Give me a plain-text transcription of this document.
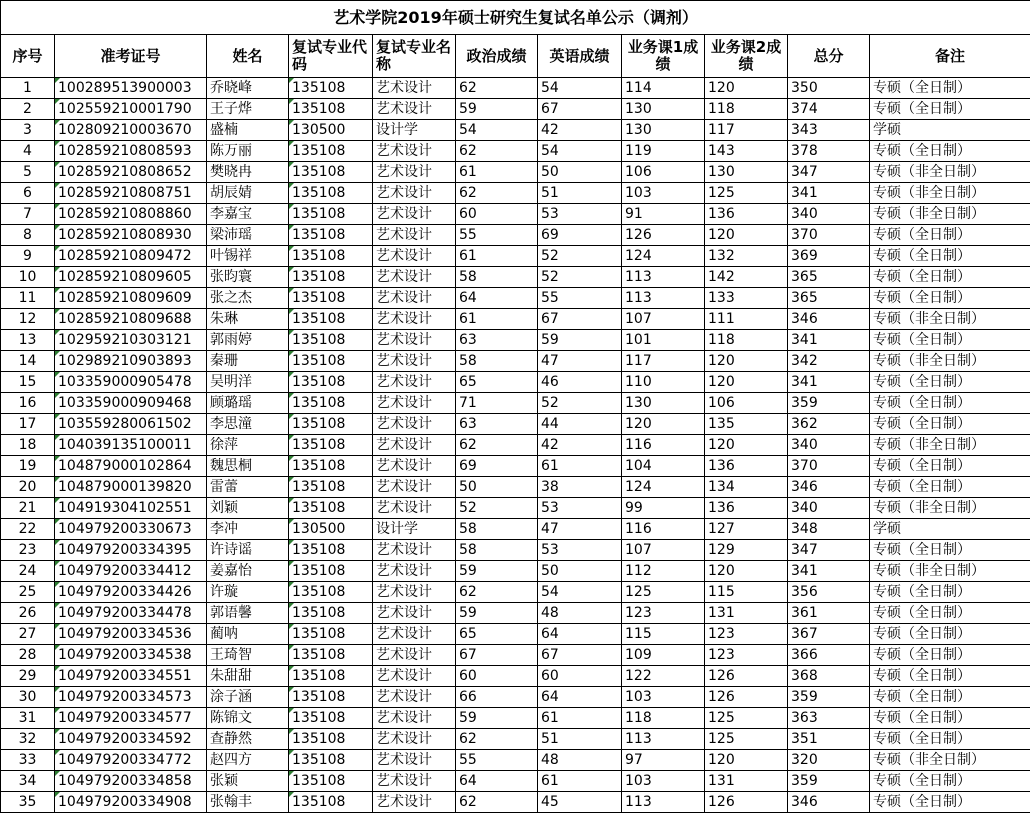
艺术学院2019年硕士研究生复试名单公示（调剂）										
序号	准考证号	姓名	复试专业代码	复试专业名称	政治成绩	英语成绩	业务课1成绩	业务课2成绩	总分	备注
1	100289513900003	乔晓峰	135108	艺术设计	62	54	114	120	350	专硕（全日制）
2	102559210001790	王子烨	135108	艺术设计	59	67	130	118	374	专硕（全日制）
3	102809210003670	盛楠	130500	设计学	54	42	130	117	343	学硕
4	102859210808593	陈万丽	135108	艺术设计	62	54	119	143	378	专硕（全日制）
5	102859210808652	樊晓冉	135108	艺术设计	61	50	106	130	347	专硕（非全日制）
6	102859210808751	胡辰婧	135108	艺术设计	62	51	103	125	341	专硕（非全日制）
7	102859210808860	李嘉宝	135108	艺术设计	60	53	91	136	340	专硕（非全日制）
8	102859210808930	梁沛瑶	135108	艺术设计	55	69	126	120	370	专硕（全日制）
9	102859210809472	叶锡祥	135108	艺术设计	61	52	124	132	369	专硕（全日制）
10	102859210809605	张昀寰	135108	艺术设计	58	52	113	142	365	专硕（全日制）
11	102859210809609	张之杰	135108	艺术设计	64	55	113	133	365	专硕（全日制）
12	102859210809688	朱琳	135108	艺术设计	61	67	107	111	346	专硕（非全日制）
13	102959210303121	郭雨婷	135108	艺术设计	63	59	101	118	341	专硕（全日制）
14	102989210903893	秦珊	135108	艺术设计	58	47	117	120	342	专硕（非全日制）
15	103359000905478	吴明洋	135108	艺术设计	65	46	110	120	341	专硕（全日制）
16	103359000909468	顾璐瑶	135108	艺术设计	71	52	130	106	359	专硕（全日制）
17	103559280061502	李思潼	135108	艺术设计	63	44	120	135	362	专硕（全日制）
18	104039135100011	徐萍	135108	艺术设计	62	42	116	120	340	专硕（非全日制）
19	104879000102864	魏思桐	135108	艺术设计	69	61	104	136	370	专硕（全日制）
20	104879000139820	雷蕾	135108	艺术设计	50	38	124	134	346	专硕（全日制）
21	104919304102551	刘颖	135108	艺术设计	52	53	99	136	340	专硕（非全日制）
22	104979200330673	李冲	130500	设计学	58	47	116	127	348	学硕
23	104979200334395	许诗谣	135108	艺术设计	58	53	107	129	347	专硕（全日制）
24	104979200334412	姜嘉怡	135108	艺术设计	59	50	112	120	341	专硕（非全日制）
25	104979200334426	许璇	135108	艺术设计	62	54	125	115	356	专硕（全日制）
26	104979200334478	郭语馨	135108	艺术设计	59	48	123	131	361	专硕（全日制）
27	104979200334536	蔺呐	135108	艺术设计	65	64	115	123	367	专硕（全日制）
28	104979200334538	王琦智	135108	艺术设计	67	67	109	123	366	专硕（全日制）
29	104979200334551	朱甜甜	135108	艺术设计	60	60	122	126	368	专硕（全日制）
30	104979200334573	涂子涵	135108	艺术设计	66	64	103	126	359	专硕（全日制）
31	104979200334577	陈锦文	135108	艺术设计	59	61	118	125	363	专硕（全日制）
32	104979200334592	查静然	135108	艺术设计	62	51	113	125	351	专硕（全日制）
33	104979200334772	赵四方	135108	艺术设计	55	48	97	120	320	专硕（非全日制）
34	104979200334858	张颖	135108	艺术设计	64	61	103	131	359	专硕（全日制）
35	104979200334908	张翰丰	135108	艺术设计	62	45	113	126	346	专硕（全日制）
